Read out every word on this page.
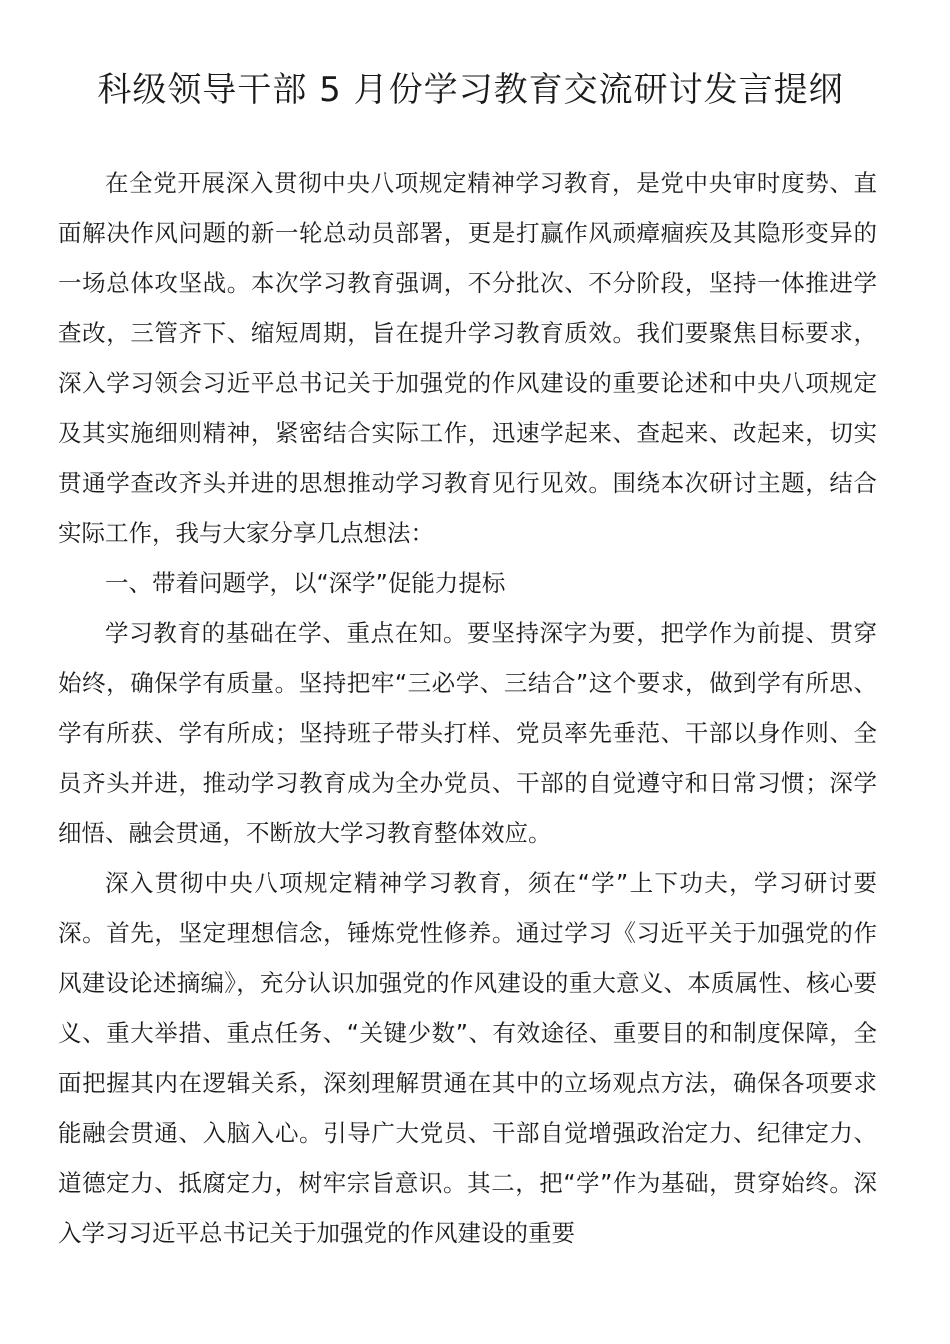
科级领导干部 5 月份学习教育交流研讨发言提纲

在全党开展深入贯彻中央八项规定精神学习教育，是党中央审时度势、直面解决作风问题的新一轮总动员部署，更是打赢作风顽瘴痼疾及其隐形变异的一场总体攻坚战。本次学习教育强调，不分批次、不分阶段，坚持一体推进学查改，三管齐下、缩短周期，旨在提升学习教育质效。我们要聚焦目标要求，深入学习领会习近平总书记关于加强党的作风建设的重要论述和中央八项规定及其实施细则精神，紧密结合实际工作，迅速学起来、查起来、改起来，切实贯通学查改齐头并进的思想推动学习教育见行见效。围绕本次研讨主题，结合实际工作，我与大家分享几点想法：

一、带着问题学，以“深学”促能力提标

学习教育的基础在学、重点在知。要坚持深字为要，把学作为前提、贯穿始终，确保学有质量。坚持把牢“三必学、三结合”这个要求，做到学有所思、学有所获、学有所成；坚持班子带头打样、党员率先垂范、干部以身作则、全员齐头并进，推动学习教育成为全办党员、干部的自觉遵守和日常习惯；深学细悟、融会贯通，不断放大学习教育整体效应。

深入贯彻中央八项规定精神学习教育，须在“学”上下功夫，学习研讨要深。首先，坚定理想信念，锤炼党性修养。通过学习《习近平关于加强党的作风建设论述摘编》，充分认识加强党的作风建设的重大意义、本质属性、核心要义、重大举措、重点任务、“关键少数”、有效途径、重要目的和制度保障，全面把握其内在逻辑关系，深刻理解贯通在其中的立场观点方法，确保各项要求能融会贯通、入脑入心。引导广大党员、干部自觉增强政治定力、纪律定力、道德定力、抵腐定力，树牢宗旨意识。其二，把“学”作为基础，贯穿始终。深入学习习近平总书记关于加强党的作风建设的重要
